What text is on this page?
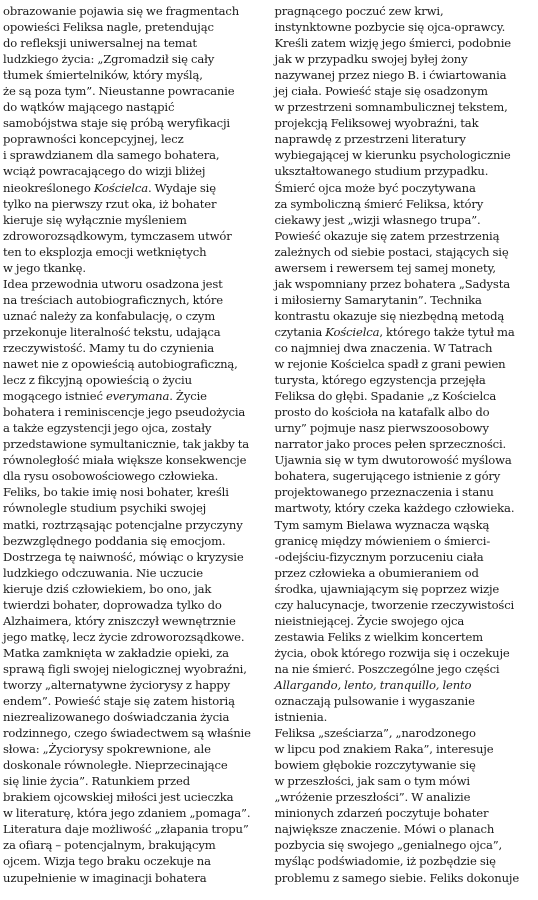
obrazowanie pojawia się we fragmentach
opowieści Feliksa nagle, pretendując
do refleksji uniwersalnej na temat
ludzkiego życia: „Zgromadził się cały
tłumek śmiertelników, który myślą,
że są poza tym”. Nieustanne powracanie
do wątków mającego nastąpić
samobójstwa staje się próbą weryfikacji
poprawności koncepcyjnej, lecz
i sprawdzianem dla samego bohatera,
wciąż powracającego do wizji bliżej
nieokreślonego Kościelca. Wydaje się
tylko na pierwszy rzut oka, iż bohater
kieruje się wyłącznie myśleniem
zdroworozsądkowym, tymczasem utwór
ten to eksplozja emocji wetkniętych
w jego tkankę.
Idea przewodnia utworu osadzona jest
na treściach autobiograficznych, które
uznać należy za konfabulację, o czym
przekonuje literalność tekstu, udająca
rzeczywistość. Mamy tu do czynienia
nawet nie z opowieścią autobiograficzną,
lecz z fikcyjną opowieścią o życiu
mogącego istnieć everymana. Życie
bohatera i reminiscencje jego pseudożycia
a także egzystencji jego ojca, zostały
przedstawione symultanicznie, tak jakby ta
równoległość miała większe konsekwencje
dla rysu osobowościowego człowieka.
Feliks, bo takie imię nosi bohater, kreśli
równolegle studium psychiki swojej
matki, roztrząsając potencjalne przyczyny
bezwzględnego poddania się emocjom.
Dostrzega tę naiwność, mówiąc o kryzysie
ludzkiego odczuwania. Nie uczucie
kieruje dziś człowiekiem, bo ono, jak
twierdzi bohater, doprowadza tylko do
Alzhaimera, który zniszczył wewnętrznie
jego matkę, lecz życie zdroworozsądkowe.
Matka zamknięta w zakładzie opieki, za
sprawą figli swojej nielogicznej wyobraźni,
tworzy „alternatywne życiorysy z happy
endem”. Powieść staje się zatem historią
niezrealizowanego doświadczania życia
rodzinnego, czego świadectwem są właśnie
słowa: „Życiorysy spokrewnione, ale
doskonale równoległe. Nieprzecinające
się linie życia”. Ratunkiem przed
brakiem ojcowskiej miłości jest ucieczka
w literaturę, która jego zdaniem „pomaga”.
Literatura daje możliwość „złapania tropu”
za ofiarą – potencjalnym, brakującym
ojcem. Wizja tego braku oczekuje na
uzupełnienie w imaginacji bohatera
pragnącego poczuć zew krwi,
instynktowne pozbycie się ojca-oprawcy.
Kreśli zatem wizję jego śmierci, podobnie
jak w przypadku swojej byłej żony
nazywanej przez niego B. i ćwiartowania
jej ciała. Powieść staje się osadzonym
w przestrzeni somnambulicznej tekstem,
projekcją Feliksowej wyobraźni, tak
naprawdę z przestrzeni literatury
wybiegającej w kierunku psychologicznie
ukształtowanego studium przypadku.
Śmierć ojca może być poczytywana
za symboliczną śmierć Feliksa, który
ciekawy jest „wizji własnego trupa”.
Powieść okazuje się zatem przestrzenią
zależnych od siebie postaci, stających się
awersem i rewersem tej samej monety,
jak wspomniany przez bohatera „Sadysta
i miłosierny Samarytanin”. Technika
kontrastu okazuje się niezbędną metodą
czytania Kościelca, którego także tytuł ma
co najmniej dwa znaczenia. W Tatrach
w rejonie Kościelca spadł z grani pewien
turysta, którego egzystencja przejęła
Feliksa do głębi. Spadanie „z Kościelca
prosto do kościoła na katafalk albo do
urny” pojmuje nasz pierwszoosobowy
narrator jako proces pełen sprzeczności.
Ujawnia się w tym dwutorowość myślowa
bohatera, sugerującego istnienie z góry
projektowanego przeznaczenia i stanu
martwoty, który czeka każdego człowieka.
Tym samym Bielawa wyznacza wąską
granicę między mówieniem o śmierci-
-odejściu-fizycznym porzuceniu ciała
przez człowieka a obumieraniem od
środka, ujawniającym się poprzez wizje
czy halucynacje, tworzenie rzeczywistości
nieistniejącej. Życie swojego ojca
zestawia Feliks z wielkim koncertem
życia, obok którego rozwija się i oczekuje
na nie śmierć. Poszczególne jego części
Allargando, lento, tranquillo, lento
oznaczają pulsowanie i wygaszanie
istnienia.
Feliksa „sześciarza”, „narodzonego
w lipcu pod znakiem Raka”, interesuje
bowiem głębokie rozczytywanie się
w przeszłości, jak sam o tym mówi
„wróżenie przeszłości”. W analizie
minionych zdarzeń poczytuje bohater
największe znaczenie. Mówi o planach
pozbycia się swojego „genialnego ojca”,
myśląc podświadomie, iż pozbędzie się
problemu z samego siebie. Feliks dokonuje
